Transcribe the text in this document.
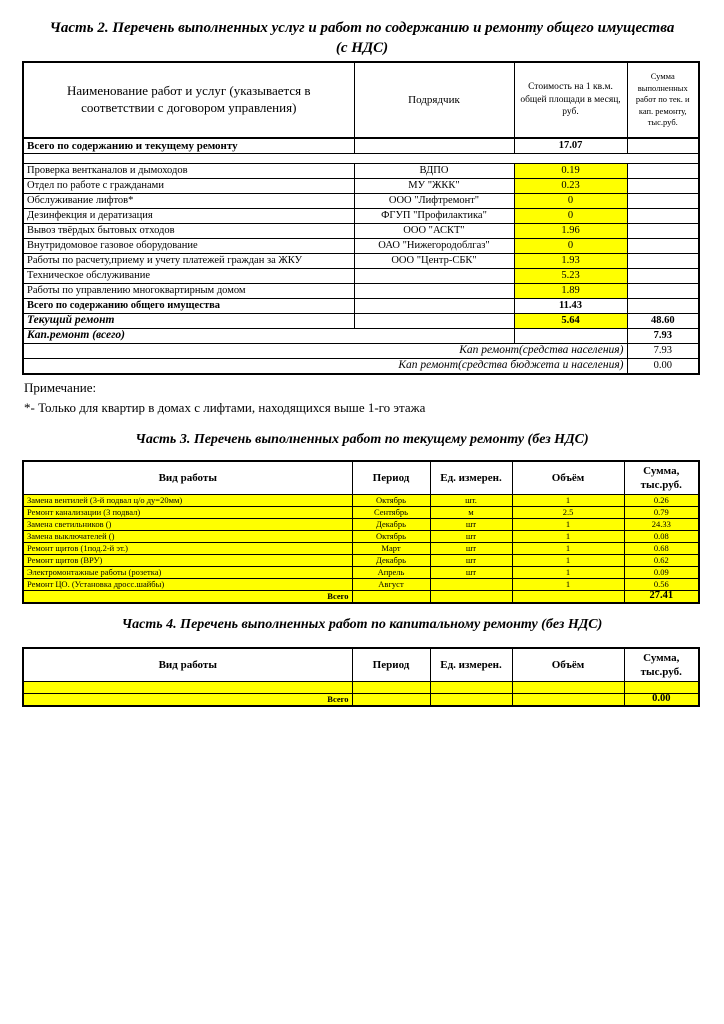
Часть 2. Перечень выполненных услуг и работ по содержанию и ремонту общего имущества
(с НДС)
Наименование работ и услуг (указывается в соответствии с договором управления)	Подрядчик	Стоимость на 1 кв.м. общей площади в месяц, руб.	Сумма выполненных работ по тек. и кап. ремонту, тыс.руб.
Всего по содержанию и текущему ремонту		17.07	

Проверка вентканалов и дымоходов	ВДПО	0.19	
Отдел по работе с гражданами	МУ "ЖКК"	0.23	
Обслуживание лифтов*	ООО "Лифтремонт"	0	
Дезинфекция и дератизация	ФГУП "Профилактика"	0	
Вывоз твёрдых бытовых отходов	ООО "АСКТ"	1.96	
Внутридомовое газовое оборудование	ОАО "Нижегородоблгаз"	0	
Работы по расчету,приему и учету платежей граждан за ЖКУ	ООО "Центр-СБК"	1.93	
Техническое обслуживание		5.23	
Работы по управлению многоквартирным домом		1.89	
Всего по содержанию общего имущества		11.43	
Текущий ремонт		5.64	48.60
Кап.ремонт (всего)			7.93
Кап ремонт(средства населения)			7.93
Кап ремонт(средства бюджета и населения)			0.00
Примечание:
*- Только для квартир в домах с лифтами, находящихся выше 1-го этажа
Часть 3. Перечень выполненных работ по текущему ремонту (без НДС)
Вид работы	Период	Ед. измерен.	Объём	Сумма, тыс.руб.
Замена вентилей (3-й подвал ц/о ду=20мм)	Октябрь	шт.	1	0.26
Ремонт канализации (3 подвал)	Сентябрь	м	2.5	0.79
Замена светильников ()	Декабрь	шт	1	24.33
Замена выключателей ()	Октябрь	шт	1	0.08
Ремонт щитов (1под.2-й эт.)	Март	шт	1	0.68
Ремонт щитов (ВРУ)	Декабрь	шт	1	0.62
Электромонтажные работы (розетка)	Апрель	шт	1	0.09
Ремонт ЦО. (Установка дросс.шайбы)	Август		1	0.56
Всего				27.41
Часть 4. Перечень выполненных работ по капитальному ремонту (без НДС)
Вид работы	Период	Ед. измерен.	Объём	Сумма, тыс.руб.

Всего				0.00
